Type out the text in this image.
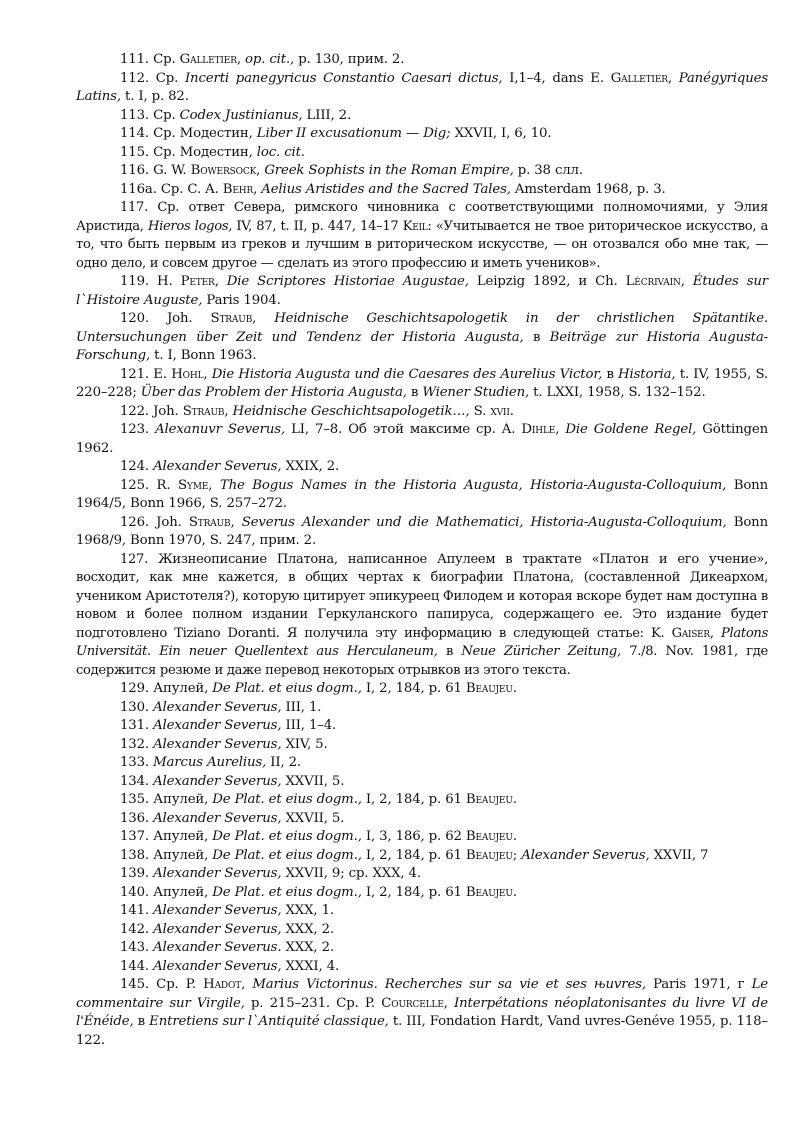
111. Ср. Galletier, op. cit., p. 130, прим. 2.

112. Ср. Incerti panegyricus Constantio Caesari dictus, I,1–4, dans E. Galletier, Panégyriques Latins, t. I, p. 82.

113. Ср. Codex Justinianus, LIII, 2.

114. Ср. Модестин, Liber II excusationum — Dig; XXVII, I, 6, 10.

115. Ср. Модестин, loc. cit.

116. G. W. Bowersock, Greek Sophists in the Roman Empire, p. 38 слл.

116a. Ср. C. A. Behr, Aelius Aristides and the Sacred Tales, Amsterdam 1968, p. 3.

117. Ср. ответ Севера, римского чиновника с соответствующими полномочиями, у Элия Аристида, Hieros logos, IV, 87, t. II, p. 447, 14–17 Keil: «Учитывается не твое риторическое искусство, а то, что быть первым из греков и лучшим в риторическом искусстве, — он отозвался обо мне так, — одно дело, и совсем другое — сделать из этого профессию и иметь учеников».

119. H. Peter, Die Scriptores Historiae Augustae, Leipzig 1892, и Ch. Lécrivain, Études sur l`Histoire Auguste, Paris 1904.

120. Joh. Straub, Heidnische Geschichtsapologetik in der christlichen Spätantike. Untersuchungen über Zeit und Tendenz der Historia Augusta, в Beiträge zur Historia Augusta-Forschung, t. I, Bonn 1963.

121. E. Hohl, Die Historia Augusta und die Caesares des Aurelius Victor, в Historia, t. IV, 1955, S. 220–228; Über das Problem der Historia Augusta, в Wiener Studien, t. LXXI, 1958, S. 132–152.

122. Joh. Straub, Heidnische Geschichtsapologetik…, S. xvii.

123. Alexanuvr Severus, LI, 7–8. Об этой максиме ср. A. Dihle, Die Goldene Regel, Göttingen 1962.

124. Alexander Severus, XXIX, 2.

125. R. Syme, The Bogus Names in the Historia Augusta, Historia-Augusta-Colloquium, Bonn 1964/5, Bonn 1966, S. 257–272.

126. Joh. Straub, Severus Alexander und die Mathematici, Historia-Augusta-Colloquium, Bonn 1968/9, Bonn 1970, S. 247, прим. 2.

127. Жизнеописание Платона, написанное Апулеем в трактате «Платон и его учение», восходит, как мне кажется, в общих чертах к биографии Платона, (составленной Дикеархом, учеником Аристотеля?), которую цитирует эпикуреец Филодем и которая вскоре будет нам доступна в новом и более полном издании Геркуланского папируса, содержащего ее. Это издание будет подготовлено Tiziano Doranti. Я получила эту информацию в следующей статье: K. Gaiser, Platons Universität. Ein neuer Quellentext aus Herculaneum, в Neue Züricher Zeitung, 7./8. Nov. 1981, где содержится резюме и даже перевод некоторых отрывков из этого текста.

129. Апулей, De Plat. et eius dogm., I, 2, 184, p. 61 Beaujeu.

130. Alexander Severus, III, 1.

131. Alexander Severus, III, 1–4.

132. Alexander Severus, XIV, 5.

133. Marcus Aurelius, II, 2.

134. Alexander Severus, XXVII, 5.

135. Апулей, De Plat. et eius dogm., I, 2, 184, p. 61 Beaujeu.

136. Alexander Severus, XXVII, 5.

137. Апулей, De Plat. et eius dogm., I, 3, 186, p. 62 Beaujeu.

138. Апулей, De Plat. et eius dogm., I, 2, 184, p. 61 Beaujeu; Alexander Severus, XXVII, 7

139. Alexander Severus, XXVII, 9; ср. XXX, 4.

140. Апулей, De Plat. et eius dogm., I, 2, 184, p. 61 Beaujeu.

141. Alexander Severus, XXX, 1.

142. Alexander Severus, XXX, 2.

143. Alexander Severus. XXX, 2.

144. Alexander Severus, XXXI, 4.

145. Ср. P. Hadot, Marius Victorinus. Recherches sur sa vie et ses њuvres, Paris 1971, г Le commentaire sur Virgile, p. 215–231. Ср. P. Courcelle, Interpétations néoplatonisantes du livre VI de l'Énéide, в Entretiens sur l`Antiquité classique, t. III, Fondation Hardt, Vand uvres-Genéve 1955, p. 118–122.
